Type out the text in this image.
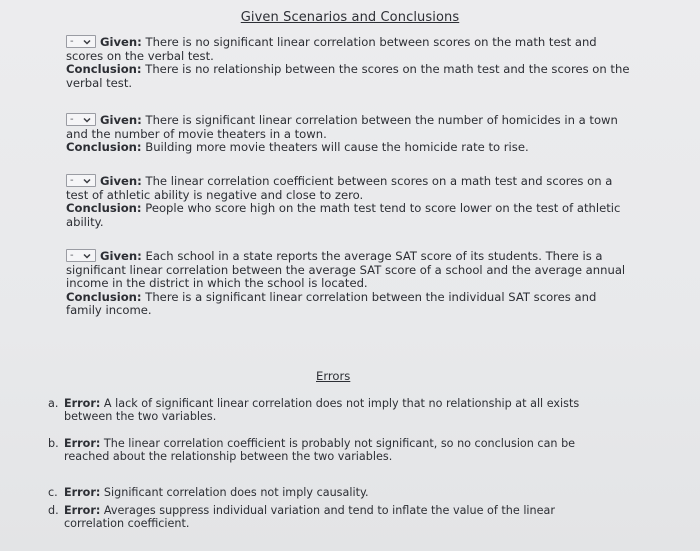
Given Scenarios and Conclusions
- Given: There is no significant linear correlation between scores on the math test and
scores on the verbal test.
Conclusion: There is no relationship between the scores on the math test and the scores on the
verbal test.
- Given: There is significant linear correlation between the number of homicides in a town
and the number of movie theaters in a town.
Conclusion: Building more movie theaters will cause the homicide rate to rise.
- Given: The linear correlation coefficient between scores on a math test and scores on a
test of athletic ability is negative and close to zero.
Conclusion: People who score high on the math test tend to score lower on the test of athletic
ability.
- Given: Each school in a state reports the average SAT score of its students. There is a
significant linear correlation between the average SAT score of a school and the average annual
income in the district in which the school is located.
Conclusion: There is a significant linear correlation between the individual SAT scores and
family income.
Errors
a. Error: A lack of significant linear correlation does not imply that no relationship at all exists
between the two variables.
b. Error: The linear correlation coefficient is probably not significant, so no conclusion can be
reached about the relationship between the two variables.
c. Error: Significant correlation does not imply causality.
d. Error: Averages suppress individual variation and tend to inflate the value of the linear
correlation coefficient.
